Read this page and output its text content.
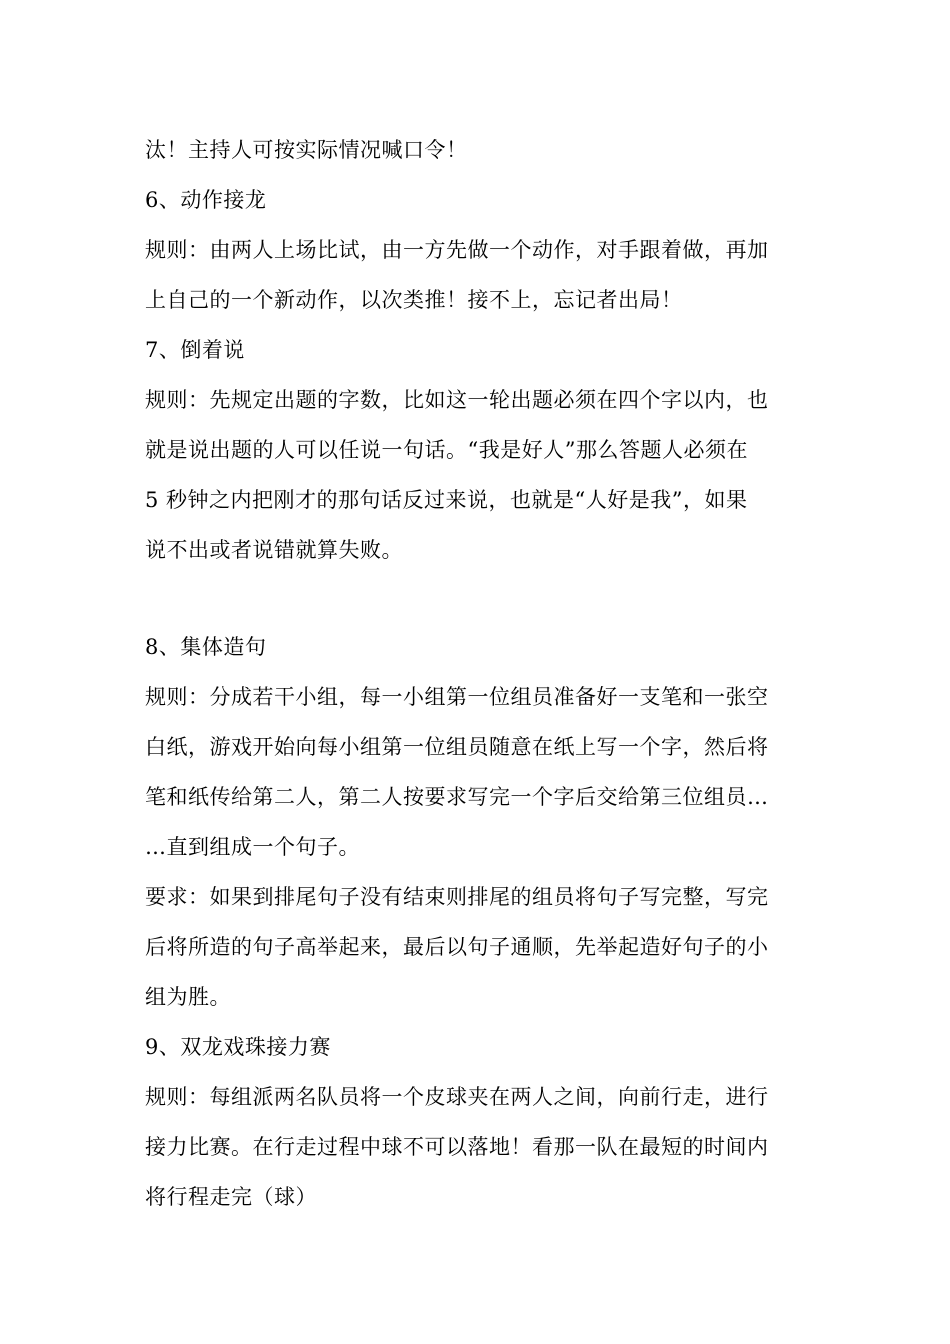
汰！主持人可按实际情况喊口令！
6、动作接龙
规则：由两人上场比试，由一方先做一个动作，对手跟着做，再加
上自己的一个新动作，以次类推！接不上，忘记者出局！
7、倒着说
规则：先规定出题的字数，比如这一轮出题必须在四个字以内，也
就是说出题的人可以任说一句话。“我是好人”那么答题人必须在
5 秒钟之内把刚才的那句话反过来说，也就是“人好是我”，如果
说不出或者说错就算失败。
8、集体造句
规则：分成若干小组，每一小组第一位组员准备好一支笔和一张空
白纸，游戏开始向每小组第一位组员随意在纸上写一个字，然后将
笔和纸传给第二人，第二人按要求写完一个字后交给第三位组员…
…直到组成一个句子。
要求：如果到排尾句子没有结束则排尾的组员将句子写完整，写完
后将所造的句子高举起来，最后以句子通顺，先举起造好句子的小
组为胜。
9、双龙戏珠接力赛
规则：每组派两名队员将一个皮球夹在两人之间，向前行走，进行
接力比赛。在行走过程中球不可以落地！看那一队在最短的时间内
将行程走完（球）
